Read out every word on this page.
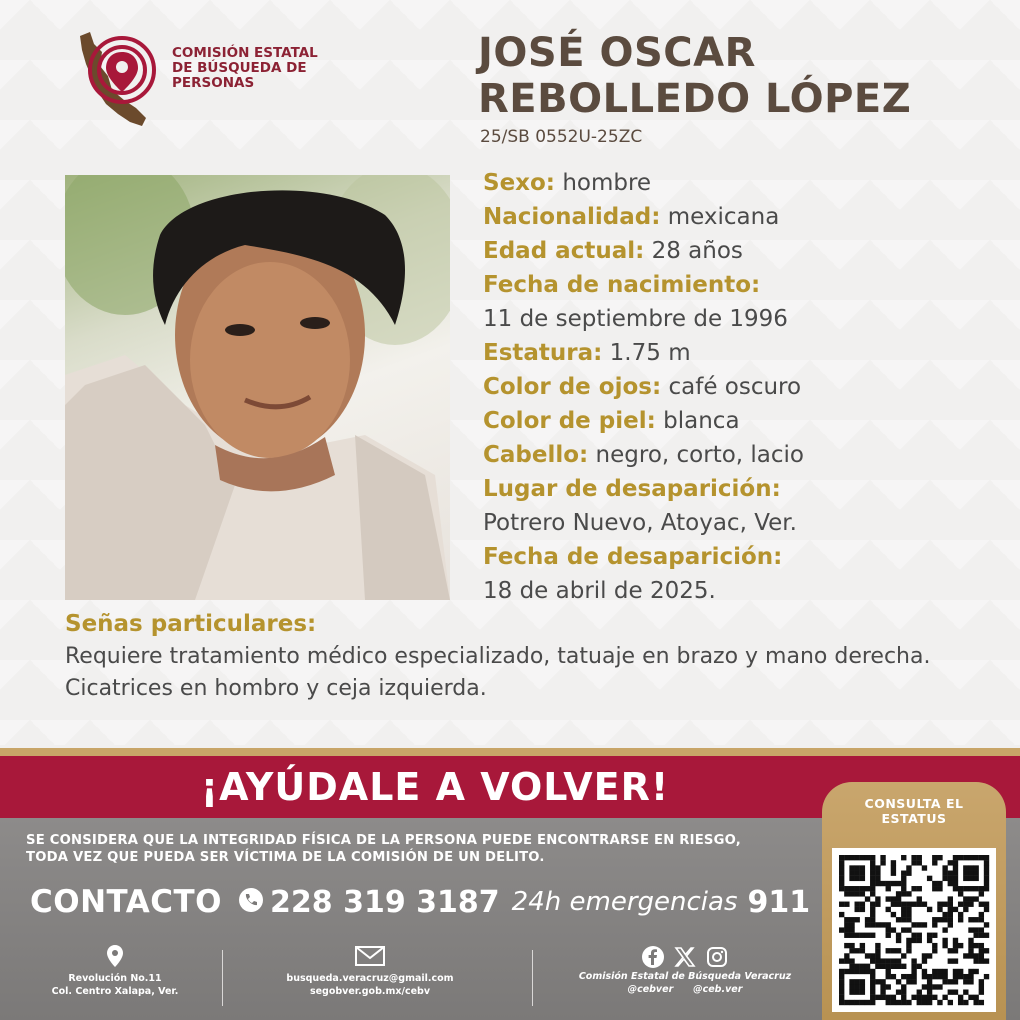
COMISIÓN ESTATAL
DE BÚSQUEDA DE
PERSONAS
JOSÉ OSCAR
REBOLLEDO LÓPEZ
25/SB 0552U-25ZC
Sexo: hombre
Nacionalidad: mexicana
Edad actual: 28 años
Fecha de nacimiento:
11 de septiembre de 1996
Estatura: 1.75 m
Color de ojos: café oscuro
Color de piel: blanca
Cabello: negro, corto, lacio
Lugar de desaparición:
Potrero Nuevo, Atoyac, Ver.
Fecha de desaparición:
18 de abril de 2025.
Señas particulares:
Requiere tratamiento médico especializado, tatuaje en brazo y mano derecha. Cicatrices en hombro y ceja izquierda.
¡AYÚDALE A VOLVER!
SE CONSIDERA QUE LA INTEGRIDAD FÍSICA DE LA PERSONA PUEDE ENCONTRARSE EN RIESGO,
TODA VEZ QUE PUEDA SER VÍCTIMA DE LA COMISIÓN DE UN DELITO.
CONTACTO 228 319 3187 24h emergencias 911
Revolución No.11
Col. Centro Xalapa, Ver.
busqueda.veracruz@gmail.com
segobver.gob.mx/cebv
Comisión Estatal de Búsqueda Veracruz
@cebver      @ceb.ver
CONSULTA EL
ESTATUS
